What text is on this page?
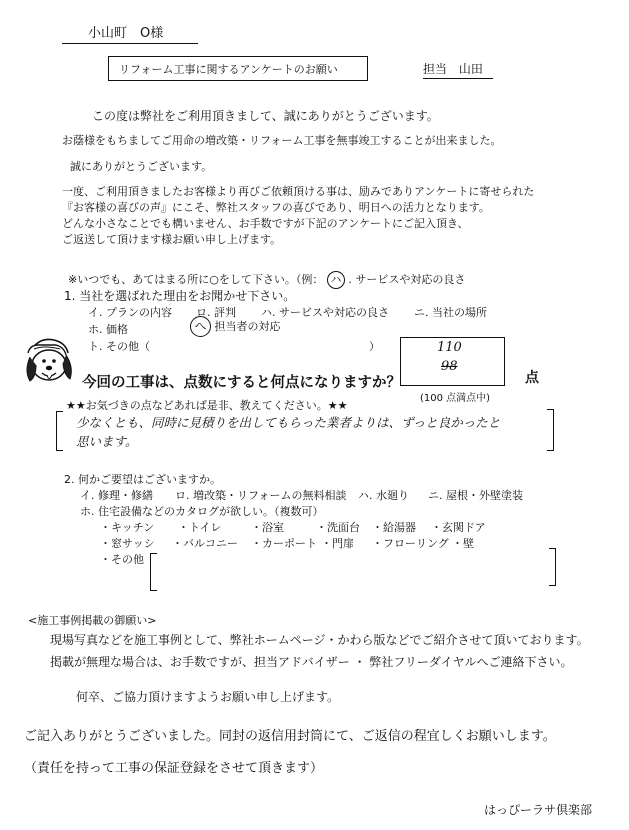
小山町　O様
リフォーム工事に関するアンケートのお願い	担当 山田
この度は弊社をご利用頂きまして、誠にありがとうございます。
お蔭様をもちましてご用命の増改築・リフォーム工事を無事竣工することが出来ました。
誠にありがとうございます。
一度、ご利用頂きましたお客様より再びご依頼頂ける事は、励みでありアンケートに寄せられた
『お客様の喜びの声』にこそ、弊社スタッフの喜びであり、明日への活力となります。
どんな小さなことでも構いません、お手数ですが下記のアンケートにご記入頂き、
ご返送して頂けます様お願い申し上げます。
※いつでも、あてはまる所に○をして下さい。（例： ハ . サービスや対応の良さ
1. 当社を選ばれた理由をお聞かせ下さい。
イ. プランの内容 ロ. 評判 ハ. サービスや対応の良さ ニ. 当社の場所
ホ. 価格	へ 担当者の対応
ト. その他（	）
今回の工事は、点数にすると何点になりますか？
110
98
点
(100 点満点中)
★★お気づきの点などあれば是非、教えてください。★★
少なくとも、同時に見積りを出してもらった業者よりは、ずっと良かったと
思います。
2. 何かご要望はございますか。
イ. 修理・修繕 ロ. 増改築・リフォームの無料相談 ハ. 水廻り ニ. 屋根・外壁塗装
ホ. 住宅設備などのカタログが欲しい。（複数可）
・キッチン ・トイレ	・浴室	・洗面台 ・給湯器 ・玄関ドア
・窓サッシ ・バルコニー ・カーポート ・門扉 ・フローリング ・壁
・その他
<施工事例掲載の御願い>
現場写真などを施工事例として、弊社ホームページ・かわら版などでご紹介させて頂いております。
掲載が無理な場合は、お手数ですが、担当アドバイザー ・ 弊社フリーダイヤルへご連絡下さい。
何卒、ご協力頂けますようお願い申し上げます。
ご記入ありがとうございました。同封の返信用封筒にて、ご返信の程宜しくお願いします。
（責任を持って工事の保証登録をさせて頂きます）
はっぴーラサ倶楽部
